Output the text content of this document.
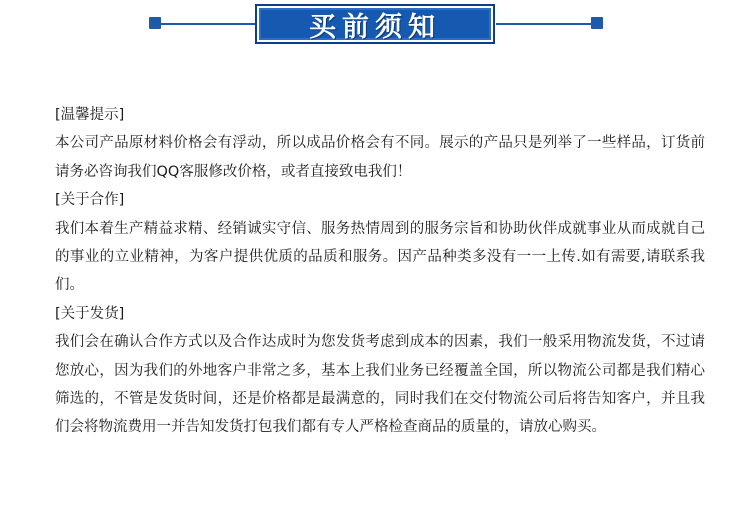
买前须知

[温馨提示]

本公司产品原材料价格会有浮动，所以成品价格会有不同。展示的产品只是列举了一些样品，订货前请务必咨询我们QQ客服修改价格，或者直接致电我们！

[关于合作]

我们本着生产精益求精、经销诚实守信、服务热情周到的服务宗旨和协助伙伴成就事业从而成就自己的事业的立业精神，为客户提供优质的品质和服务。因产品种类多没有一一上传.如有需要,请联系我们。

[关于发货]

我们会在确认合作方式以及合作达成时为您发货考虑到成本的因素，我们一般采用物流发货，不过请您放心，因为我们的外地客户非常之多，基本上我们业务已经覆盖全国，所以物流公司都是我们精心筛选的，不管是发货时间，还是价格都是最满意的，同时我们在交付物流公司后将告知客户，并且我们会将物流费用一并告知发货打包我们都有专人严格检查商品的质量的，请放心购买。
